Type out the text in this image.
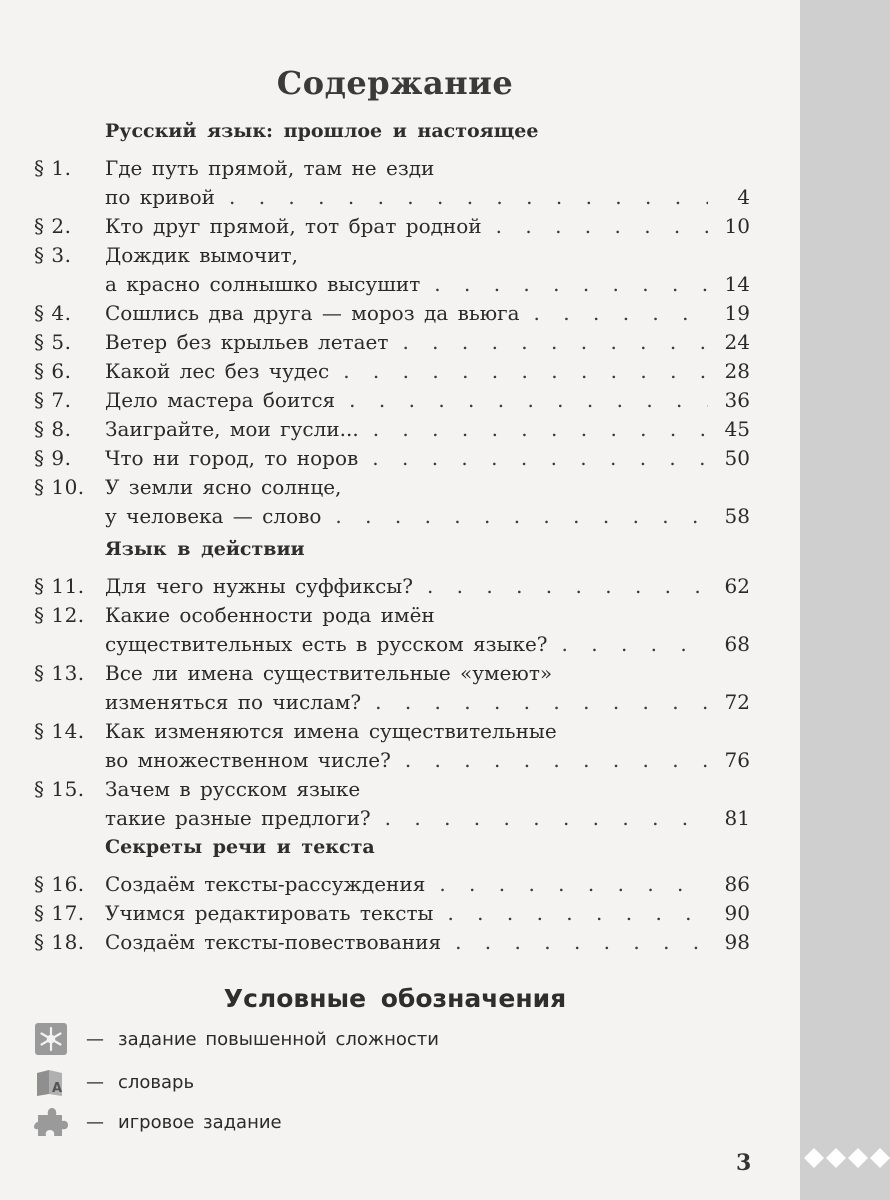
Содержание
Русский язык: прошлое и настоящее
§ 1. Где путь прямой, там не езди
по кривой . . .	4
§ 2. Кто друг прямой, тот брат родной . . .	10
§ 3. Дождик вымочит,
а красно солнышко высушит . . .	14
§ 4. Сошлись два друга — мороз да вьюга . . .	19
§ 5. Ветер без крыльев летает . . .	24
§ 6. Какой лес без чудес . . .	28
§ 7. Дело мастера боится . . .	36
§ 8. Заиграйте, мои гусли... . . .	45
§ 9. Что ни город, то норов . . .	50
§ 10. У земли ясно солнце,
у человека — слово . . .	58
Язык в действии
§ 11. Для чего нужны суффиксы? . . .	62
§ 12. Какие особенности рода имён
существительных есть в русском языке? . . .	68
§ 13. Все ли имена существительные «умеют»
изменяться по числам? . . .	72
§ 14. Как изменяются имена существительные
во множественном числе? . . .	76
§ 15. Зачем в русском языке
такие разные предлоги? . . .	81
Секреты речи и текста
§ 16. Создаём тексты-рассуждения . . .	86
§ 17. Учимся редактировать тексты . . .	90
§ 18. Создаём тексты-повествования . . .	98
Условные обозначения
— задание повышенной сложности
A — словарь
— игровое задание
3
